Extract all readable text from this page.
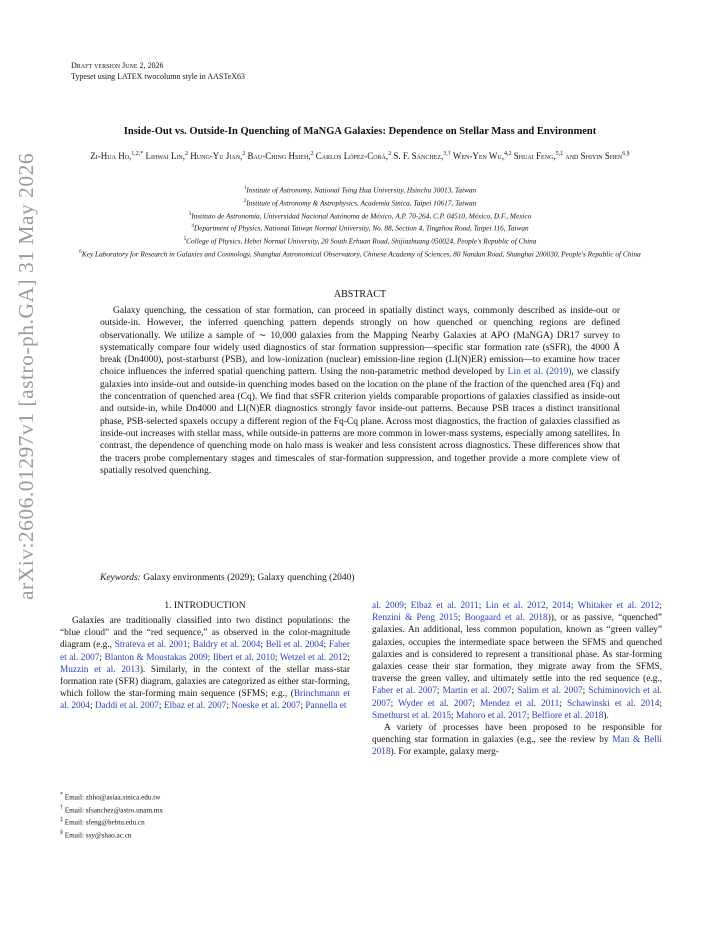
arXiv:2606.01297v1 [astro-ph.GA] 31 May 2026
Draft version June 2, 2026
Typeset using LATEX twocolumn style in AASTeX63
Inside-Out vs. Outside-In Quenching of MaNGA Galaxies: Dependence on Stellar Mass and Environment
Zi-Hua Ho,$^{1,2,*}$ Lihwai Lin,$^2$ Hung-Yu Jian,$^2$ Bau-Ching Hsieh,$^2$ Carlos López-Cobá,$^2$ S. F. Sánchez,$^{3,\dagger}$ Wen-Yen Wu,$^{4,2}$ Shuai Feng,$^{5,\ddagger}$ and Shiyin Shen$^{6,\S}$
$^1$Institute of Astronomy, National Tsing Hua University, Hsinchu 30013, Taiwan
$^2$Institute of Astronomy & Astrophysics, Academia Sinica, Taipei 10617, Taiwan
$^3$Instituto de Astronomía, Universidad Nacional Autónoma de México, A.P. 70-264, C.P. 04510, México, D.F., Mexico
$^4$Department of Physics, National Taiwan Normal University, No. 88, Section 4, Tingzhou Road, Taipei 116, Taiwan
$^5$College of Physics, Hebei Normal University, 20 South Erhuan Road, Shijiazhuang 050024, People's Republic of China
$^6$Key Laboratory for Research in Galaxies and Cosmology, Shanghai Astronomical Observatory, Chinese Academy of Sciences, 80 Nandan Road, Shanghai 200030, People's Republic of China
ABSTRACT

Galaxy quenching, the cessation of star formation, can proceed in spatially distinct ways, commonly described as inside-out or outside-in. However, the inferred quenching pattern depends strongly on how quenched or quenching regions are defined observationally. We utilize a sample of ∼ 10,000 galaxies from the Mapping Nearby Galaxies at APO (MaNGA) DR17 survey to systematically compare four widely used diagnostics of star formation suppression—specific star formation rate (sSFR), the 4000 Å break (Dn4000), post-starburst (PSB), and low-ionization (nuclear) emission-line region (LI(N)ER) emission—to examine how tracer choice influences the inferred spatial quenching pattern. Using the non-parametric method developed by Lin et al. (2019), we classify galaxies into inside-out and outside-in quenching modes based on the location on the plane of the fraction of the quenched area (Fq) and the concentration of quenched area (Cq). We find that sSFR criterion yields comparable proportions of galaxies classified as inside-out and outside-in, while Dn4000 and LI(N)ER diagnostics strongly favor inside-out patterns. Because PSB traces a distinct transitional phase, PSB-selected spaxels occupy a different region of the Fq-Cq plane. Across most diagnostics, the fraction of galaxies classified as inside-out increases with stellar mass, while outside-in patterns are more common in lower-mass systems, especially among satellites. In contrast, the dependence of quenching mode on halo mass is weaker and less consistent across diagnostics. These differences show that the tracers probe complementary stages and timescales of star-formation suppression, and together provide a more complete view of spatially resolved quenching.

Keywords: Galaxy environments (2029); Galaxy quenching (2040)
1. INTRODUCTION

Galaxies are traditionally classified into two distinct populations: the “blue cloud” and the “red sequence,” as observed in the color-magnitude diagram (e.g., Strateva et al. 2001; Baldry et al. 2004; Bell et al. 2004; Faber et al. 2007; Blanton & Moustakas 2009; Ilbert et al. 2010; Wetzel et al. 2012; Muzzin et al. 2013). Similarly, in the context of the stellar mass-star formation rate (SFR) diagram, galaxies are categorized as either star-forming, which follow the star-forming main sequence (SFMS; e.g., (Brinchmann et al. 2004; Daddi et al. 2007; Elbaz et al. 2007; Noeske et al. 2007; Pannella et

al. 2009; Elbaz et al. 2011; Lin et al. 2012, 2014; Whitaker et al. 2012; Renzini & Peng 2015; Boogaard et al. 2018)), or as passive, “quenched” galaxies. An additional, less common population, known as “green valley” galaxies, occupies the intermediate space between the SFMS and quenched galaxies and is considered to represent a transitional phase. As star-forming galaxies cease their star formation, they migrate away from the SFMS, traverse the green valley, and ultimately settle into the red sequence (e.g., Faber et al. 2007; Martin et al. 2007; Salim et al. 2007; Schiminovich et al. 2007; Wyder et al. 2007; Mendez et al. 2011; Schawinski et al. 2014; Smethurst et al. 2015; Mahoro et al. 2017; Belfiore et al. 2018).

A variety of processes have been proposed to be responsible for quenching star formation in galaxies (e.g., see the review by Man & Belli 2018). For example, galaxy merg-

* Email: zhho@asiaa.sinica.edu.tw
† Email: sfsanchez@astro.unam.mx
‡ Email: sfeng@hebtu.edu.cn
§ Email: ssy@shao.ac.cn
